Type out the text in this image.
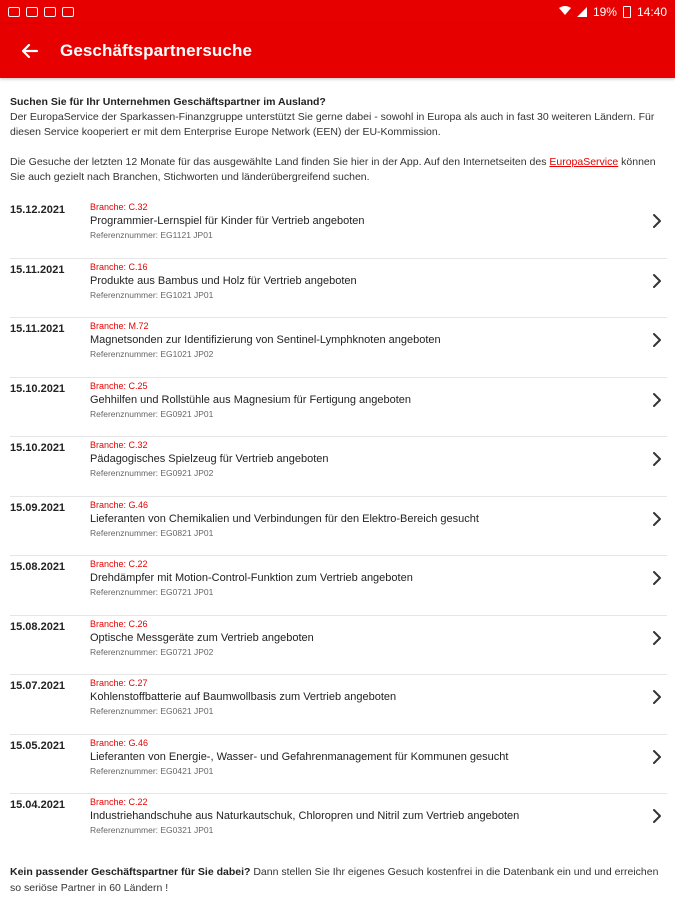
19% 14:40
Geschäftspartnersuche
Suchen Sie für Ihr Unternehmen Geschäftspartner im Ausland?
Der EuropaService der Sparkassen-Finanzgruppe unterstützt Sie gerne dabei - sowohl in Europa als auch in fast 30 weiteren Ländern. Für diesen Service kooperiert er mit dem Enterprise Europe Network (EEN) der EU-Kommission.
Die Gesuche der letzten 12 Monate für das ausgewählte Land finden Sie hier in der App. Auf den Internetseiten des EuropaService können Sie auch gezielt nach Branchen, Stichworten und länderübergreifend suchen.
15.12.2021	Branche: C.32
Programmier-Lernspiel für Kinder für Vertrieb angeboten
Referenznummer: EG1121 JP01
15.11.2021	Branche: C.16
Produkte aus Bambus und Holz für Vertrieb angeboten
Referenznummer: EG1021 JP01
15.11.2021	Branche: M.72
Magnetsonden zur Identifizierung von Sentinel-Lymphknoten angeboten
Referenznummer: EG1021 JP02
15.10.2021	Branche: C.25
Gehhilfen und Rollstühle aus Magnesium für Fertigung angeboten
Referenznummer: EG0921 JP01
15.10.2021	Branche: C.32
Pädagogisches Spielzeug für Vertrieb angeboten
Referenznummer: EG0921 JP02
15.09.2021	Branche: G.46
Lieferanten von Chemikalien und Verbindungen für den Elektro-Bereich gesucht
Referenznummer: EG0821 JP01
15.08.2021	Branche: C.22
Drehdämpfer mit Motion-Control-Funktion zum Vertrieb angeboten
Referenznummer: EG0721 JP01
15.08.2021	Branche: C.26
Optische Messgeräte zum Vertrieb angeboten
Referenznummer: EG0721 JP02
15.07.2021	Branche: C.27
Kohlenstoffbatterie auf Baumwollbasis zum Vertrieb angeboten
Referenznummer: EG0621 JP01
15.05.2021	Branche: G.46
Lieferanten von Energie-, Wasser- und Gefahrenmanagement für Kommunen gesucht
Referenznummer: EG0421 JP01
15.04.2021	Branche: C.22
Industriehandschuhe aus Naturkautschuk, Chloropren und Nitril zum Vertrieb angeboten
Referenznummer: EG0321 JP01
Kein passender Geschäftspartner für Sie dabei? Dann stellen Sie Ihr eigenes Gesuch kostenfrei in die Datenbank ein und und erreichen so seriöse Partner in 60 Ländern !
